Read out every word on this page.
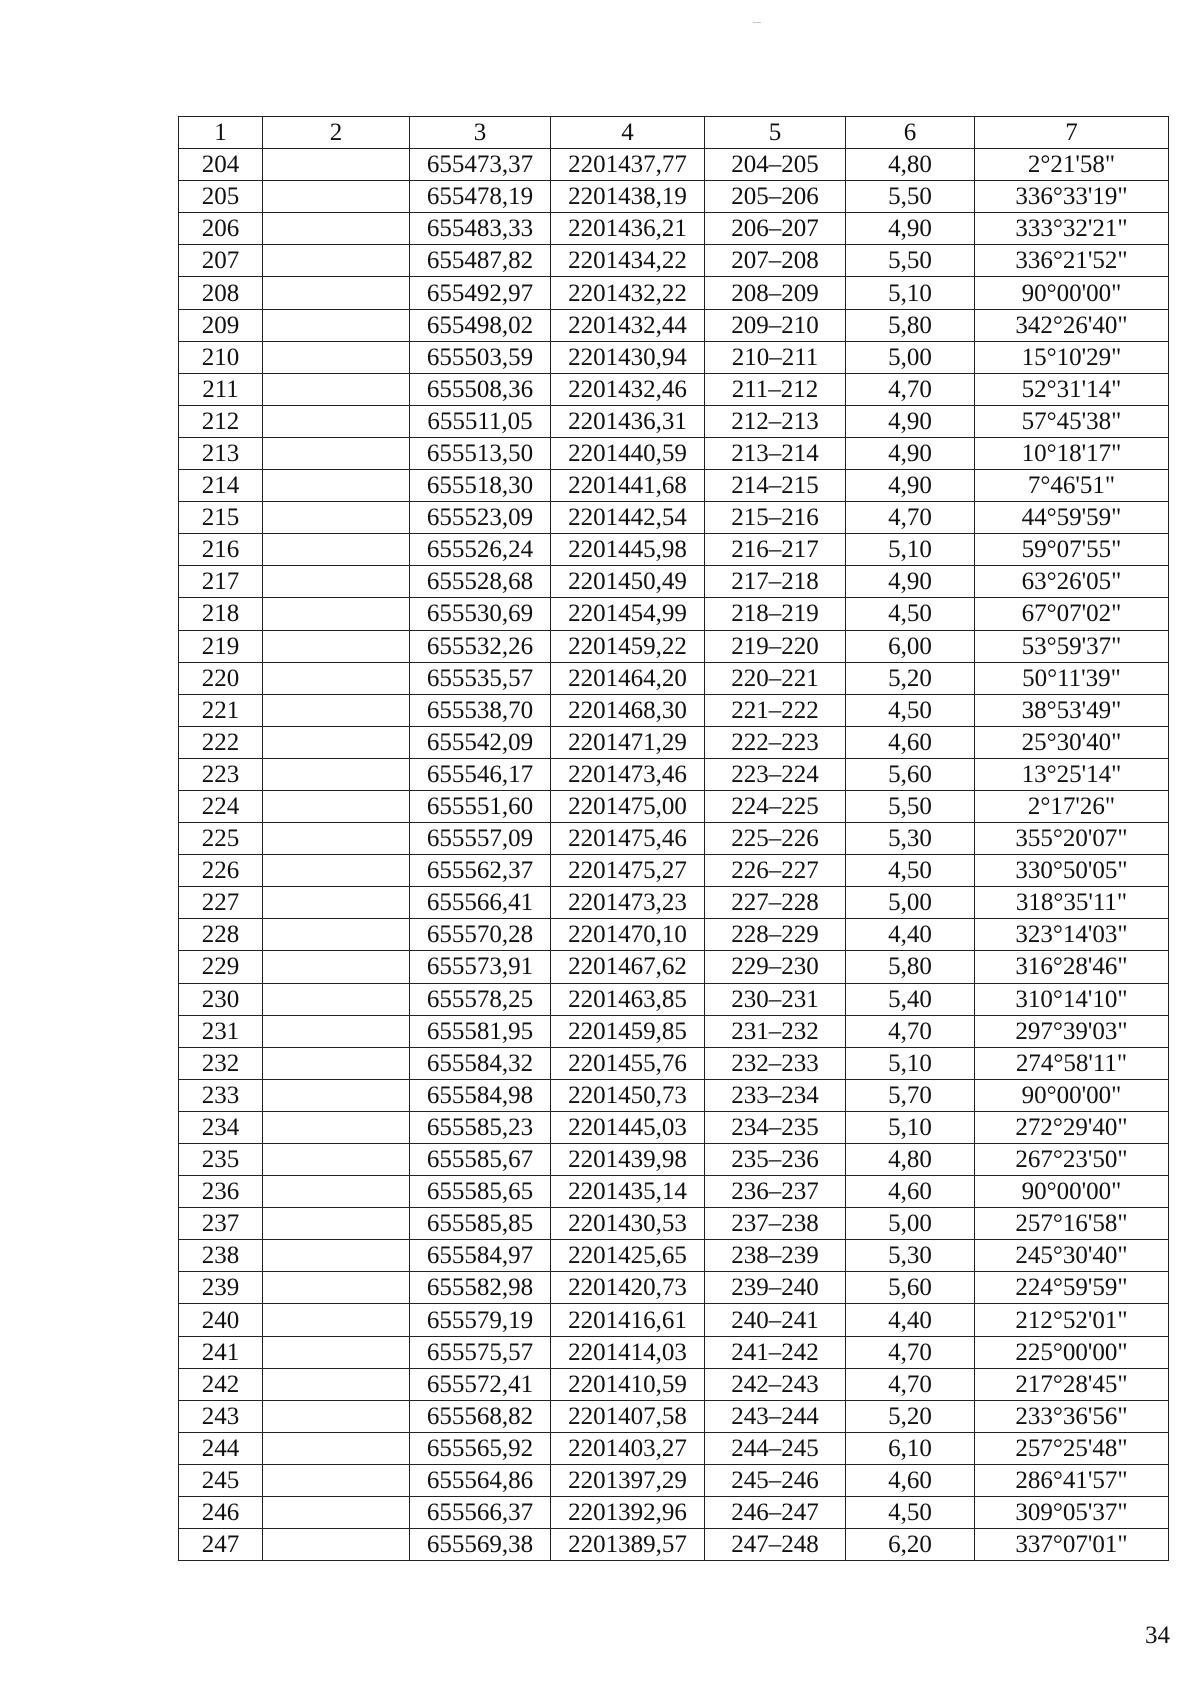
1	2	3	4	5	6	7
204		655473,37	2201437,77	204–205	4,80	2°21'58"
205		655478,19	2201438,19	205–206	5,50	336°33'19"
206		655483,33	2201436,21	206–207	4,90	333°32'21"
207		655487,82	2201434,22	207–208	5,50	336°21'52"
208		655492,97	2201432,22	208–209	5,10	90°00'00"
209		655498,02	2201432,44	209–210	5,80	342°26'40"
210		655503,59	2201430,94	210–211	5,00	15°10'29"
211		655508,36	2201432,46	211–212	4,70	52°31'14"
212		655511,05	2201436,31	212–213	4,90	57°45'38"
213		655513,50	2201440,59	213–214	4,90	10°18'17"
214		655518,30	2201441,68	214–215	4,90	7°46'51"
215		655523,09	2201442,54	215–216	4,70	44°59'59"
216		655526,24	2201445,98	216–217	5,10	59°07'55"
217		655528,68	2201450,49	217–218	4,90	63°26'05"
218		655530,69	2201454,99	218–219	4,50	67°07'02"
219		655532,26	2201459,22	219–220	6,00	53°59'37"
220		655535,57	2201464,20	220–221	5,20	50°11'39"
221		655538,70	2201468,30	221–222	4,50	38°53'49"
222		655542,09	2201471,29	222–223	4,60	25°30'40"
223		655546,17	2201473,46	223–224	5,60	13°25'14"
224		655551,60	2201475,00	224–225	5,50	2°17'26"
225		655557,09	2201475,46	225–226	5,30	355°20'07"
226		655562,37	2201475,27	226–227	4,50	330°50'05"
227		655566,41	2201473,23	227–228	5,00	318°35'11"
228		655570,28	2201470,10	228–229	4,40	323°14'03"
229		655573,91	2201467,62	229–230	5,80	316°28'46"
230		655578,25	2201463,85	230–231	5,40	310°14'10"
231		655581,95	2201459,85	231–232	4,70	297°39'03"
232		655584,32	2201455,76	232–233	5,10	274°58'11"
233		655584,98	2201450,73	233–234	5,70	90°00'00"
234		655585,23	2201445,03	234–235	5,10	272°29'40"
235		655585,67	2201439,98	235–236	4,80	267°23'50"
236		655585,65	2201435,14	236–237	4,60	90°00'00"
237		655585,85	2201430,53	237–238	5,00	257°16'58"
238		655584,97	2201425,65	238–239	5,30	245°30'40"
239		655582,98	2201420,73	239–240	5,60	224°59'59"
240		655579,19	2201416,61	240–241	4,40	212°52'01"
241		655575,57	2201414,03	241–242	4,70	225°00'00"
242		655572,41	2201410,59	242–243	4,70	217°28'45"
243		655568,82	2201407,58	243–244	5,20	233°36'56"
244		655565,92	2201403,27	244–245	6,10	257°25'48"
245		655564,86	2201397,29	245–246	4,60	286°41'57"
246		655566,37	2201392,96	246–247	4,50	309°05'37"
247		655569,38	2201389,57	247–248	6,20	337°07'01"
34
